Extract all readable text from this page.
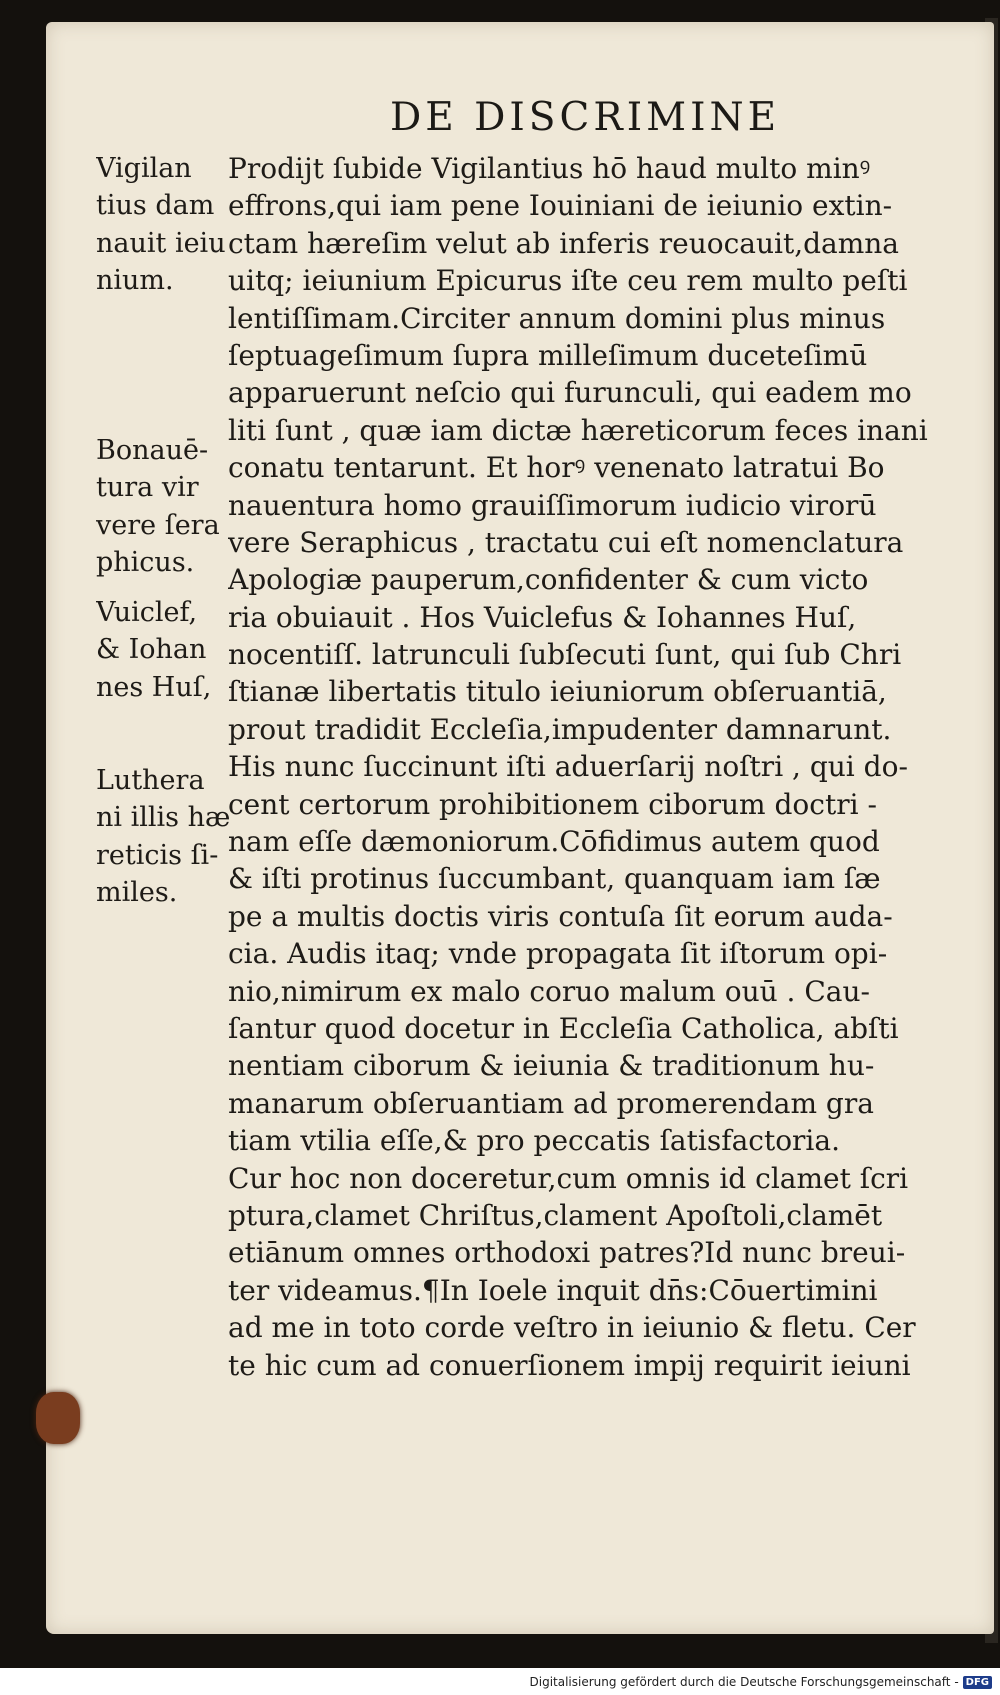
DE DISCRIMINE
Vigilan
tius dam
nauit ieiu
nium.
Bonauē-
tura vir
vere ſera
phicus.
Vuiclef,
& Iohan
nes Huſ,
Luthera
ni illis hæ
reticis ſi-
miles.
Prodijt ſubide Vigilantius hō haud multo minꝰ
effrons,qui iam pene Iouiniani de ieiunio extin-
ctam hæreſim velut ab inferis reuocauit,damna
uitq; ieiunium Epicurus iſte ceu rem multo peſti
lentiſſimam.Circiter annum domini plus minus
ſeptuageſimum ſupra milleſimum duceteſimū
apparuerunt neſcio qui furunculi, qui eadem mo
liti ſunt , quæ iam dictæ hæreticorum feces inani
conatu tentarunt. Et horꝰ venenato latratui Bo
nauentura homo grauiſſimorum iudicio virorū
vere Seraphicus , tractatu cui eſt nomenclatura
Apologiæ pauperum,confidenter & cum victo
ria obuiauit . Hos Vuiclefus & Iohannes Huſ,
nocentiſſ. latrunculi ſubſecuti ſunt, qui ſub Chri
ſtianæ libertatis titulo ieiuniorum obſeruantiā,
prout tradidit Eccleſia,impudenter damnarunt.
His nunc ſuccinunt iſti aduerſarij noſtri , qui do-
cent certorum prohibitionem ciborum doctri -
nam eſſe dæmoniorum.Cōfidimus autem quod
& iſti protinus ſuccumbant, quanquam iam ſæ
pe a multis doctis viris contuſa ſit eorum auda-
cia. Audis itaq; vnde propagata ſit iſtorum opi-
nio,nimirum ex malo coruo malum ouū . Cau-
ſantur quod docetur in Eccleſia Catholica, abſti
nentiam ciborum & ieiunia & traditionum hu-
manarum obſeruantiam ad promerendam gra
tiam vtilia eſſe,& pro peccatis ſatisfactoria.
Cur hoc non doceretur,cum omnis id clamet ſcri
ptura,clamet Chriſtus,clament Apoſtoli,clamēt
etiānum omnes orthodoxi patres?Id nunc breui-
ter videamus.¶In Ioele inquit dn̄s:Cōuertimini
ad me in toto corde veſtro in ieiunio & fletu. Cer
te hic cum ad conuerſionem impij requirit ieiuni
Digitalisierung gefördert durch die Deutsche Forschungsgemeinschaft - DFG
